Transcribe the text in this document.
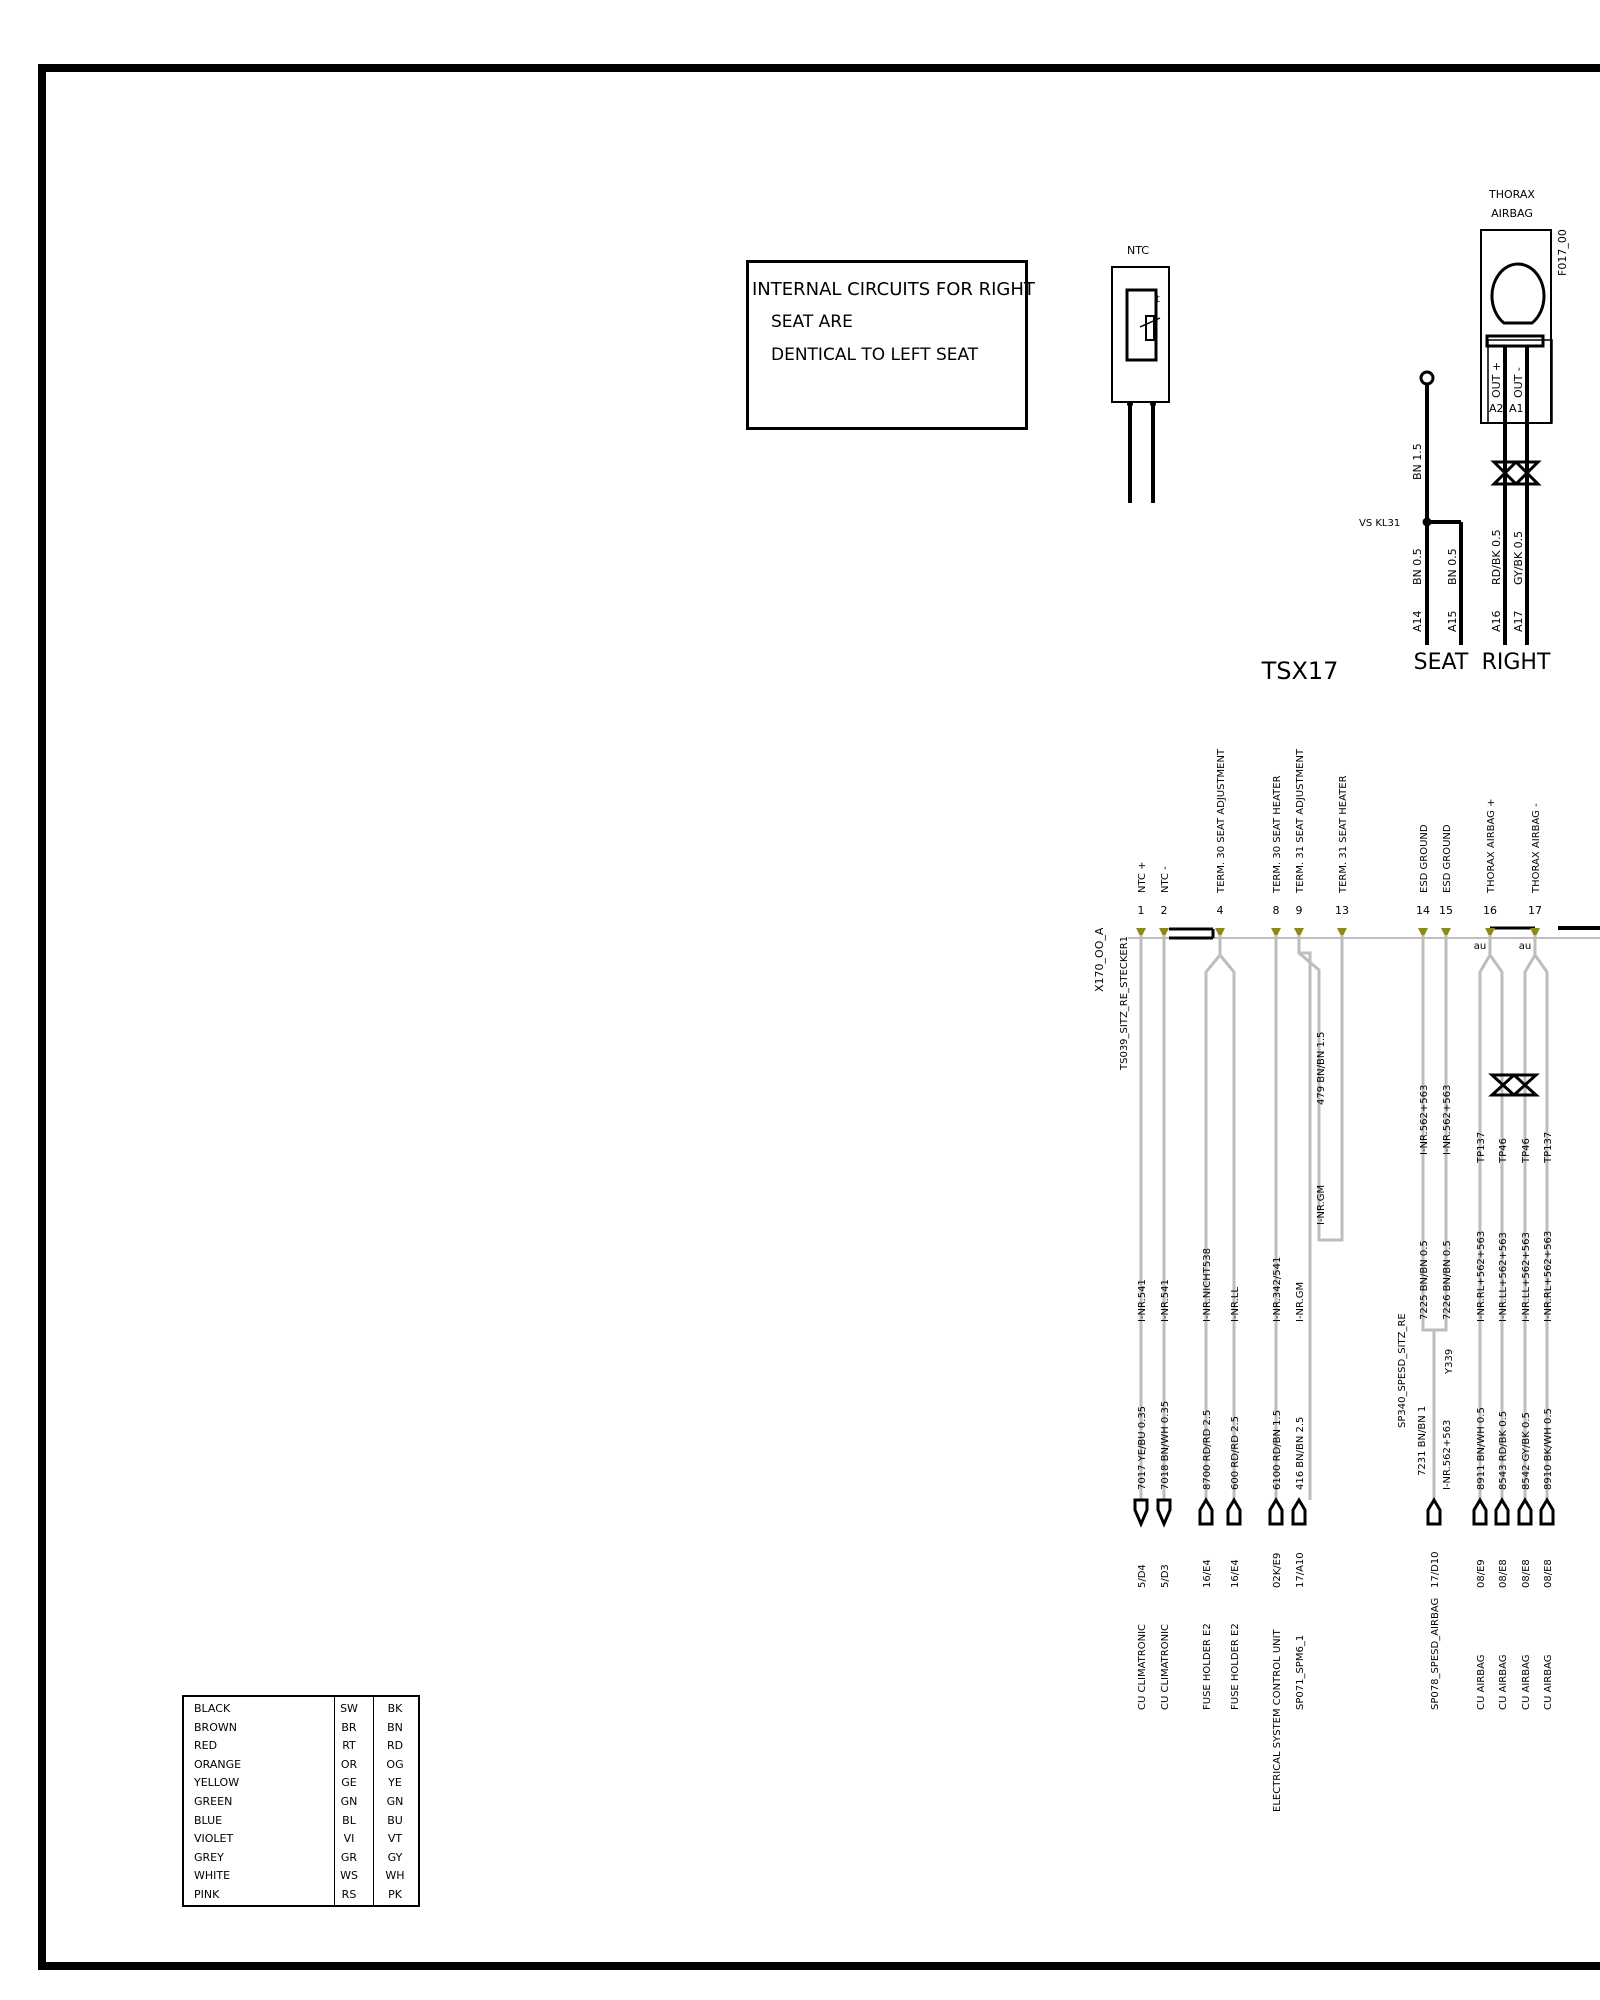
F017_00
OUT + OUT -
BN 1.5
BN 0.5 BN 0.5	RD/BK 0.5 GY/BK 0.5
A14 A15	A16 A17
X170_OO_A TS039_SITZ_RE_STECKER1
NTC + NTC -	TERM. 30 SEAT ADJUSTMENT	TERM. 30 SEAT HEATER TERM. 31 SEAT ADJUSTMENT	TERM. 31 SEAT HEATER	ESD GROUND ESD GROUND	THORAX AIRBAG +	THORAX AIRBAG -
479 BN/BN 1.5
I-NR.GM
SP340_SPESD_SITZ_RE	Y339
7231 BN/BN 1 I-NR.562+563
I-NR.562+563
7225 BN/BN 0.5
I-NR.562+563
7226 BN/BN 0.5
TP137 TP46 TP46 TP137
I-NR.541
7017 YE/BU 0.35
5/D4
CU CLIMATRONIC
I-NR.541
7018 BN/WH 0.35
5/D3
CU CLIMATRONIC
I-NR.NICHT538
8700 RD/RD 2.5
16/E4
FUSE HOLDER E2
I-NR.LL
600 RD/RD 2.5
16/E4
FUSE HOLDER E2
I-NR.342/541
6100 RD/BN 1.5
02K/E9
ELECTRICAL SYSTEM CONTROL UNIT
I-NR.GM
416 BN/BN 2.5
17/A10
SP071_SPM6_1
17/D10
SP078_SPESD_AIRBAG
I-NR.RL+562+563
8911 BN/WH 0.5
08/E9
CU AIRBAG
I-NR.LL+562+563
8543 RD/BK 0.5
08/E8
CU AIRBAG
I-NR.LL+562+563
8542 GY/BK 0.5
08/E8
CU AIRBAG
I-NR.RL+562+563
8910 BK/WH 0.5
08/E8
CU AIRBAG
NTC
t
THORAX
AIRBAG
A2 A1
VS KL31
SEAT RIGHT
TSX17
1 2	4	8 9	13	14 15	16	17
au	au
INTERNAL CIRCUITS FOR RIGHT
SEAT ARE
DENTICAL TO LEFT SEAT
BLACK	SW	BK
BROWN	BR	BN
RED	RT	RD
ORANGE	OR	OG
YELLOW	GE	YE
GREEN	GN	GN
BLUE	BL	BU
VIOLET	VI	VT
GREY	GR	GY
WHITE	WS	WH
PINK	RS	PK
